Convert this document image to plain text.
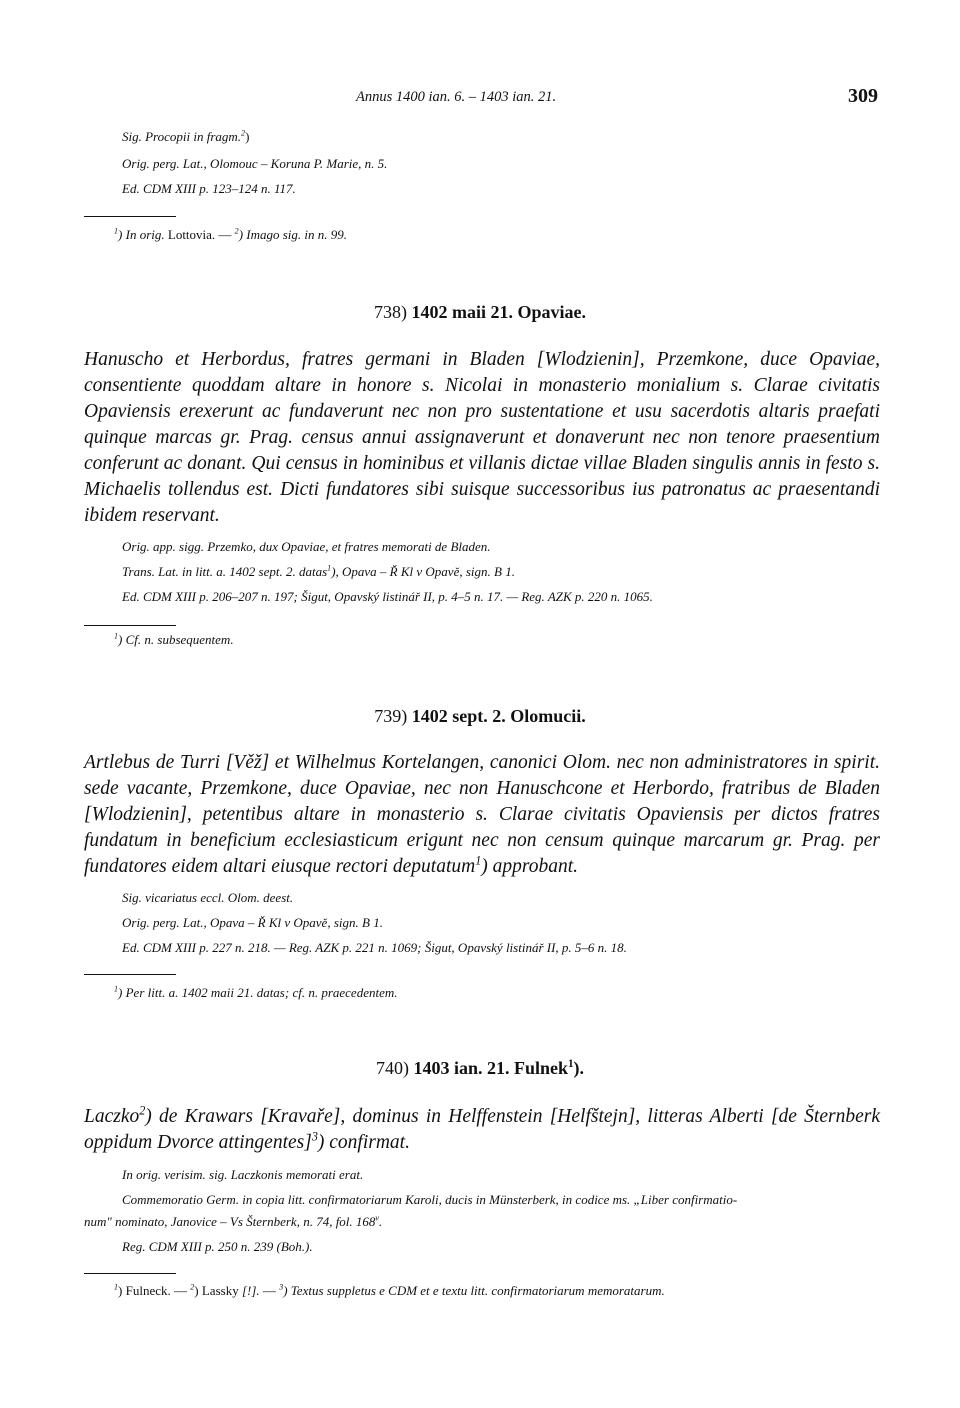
Annus 1400 ian. 6. – 1403 ian. 21.	309
Sig. Procopii in fragm.$^2$)
Orig. perg. Lat., Olomouc – Koruna P. Marie, n. 5.
Ed. CDM XIII p. 123–124 n. 117.
$^1$) In orig. Lottovia. — $^2$) Imago sig. in n. 99.
738) 1402 maii 21. Opaviae.

Hanuscho et Herbordus, fratres germani in Bladen [Wlodzienin], Przemkone, duce Opaviae, consentiente quoddam altare in honore s. Nicolai in monasterio monialium s. Clarae civitatis Opaviensis erexerunt ac fundaverunt nec non pro sustentatione et usu sacerdotis altaris praefati quinque marcas gr. Prag. census annui assignaverunt et donaverunt nec non tenore praesentium conferunt ac donant. Qui census in hominibus et villanis dictae villae Bladen singulis annis in festo s. Michaelis tollendus est. Dicti fundatores sibi suisque successoribus ius patronatus ac praesentandi ibidem reservant.

Orig. app. sigg. Przemko, dux Opaviae, et fratres memorati de Bladen.
Trans. Lat. in litt. a. 1402 sept. 2. datas$^1$), Opava – Ř Kl v Opavě, sign. B 1.
Ed. CDM XIII p. 206–207 n. 197; Šigut, Opavský listinář II, p. 4–5 n. 17. — Reg. AZK p. 220 n. 1065.
$^1$) Cf. n. subsequentem.
739) 1402 sept. 2. Olomucii.

Artlebus de Turri [Věž] et Wilhelmus Kortelangen, canonici Olom. nec non administratores in spirit. sede vacante, Przemkone, duce Opaviae, nec non Hanuschcone et Herbordo, fratribus de Bladen [Wlodzienin], petentibus altare in monasterio s. Clarae civitatis Opaviensis per dictos fratres fundatum in beneficium ecclesiasticum erigunt nec non censum quinque marcarum gr. Prag. per fundatores eidem altari eiusque rectori deputatum$^1$) approbant.

Sig. vicariatus eccl. Olom. deest.
Orig. perg. Lat., Opava – Ř Kl v Opavě, sign. B 1.
Ed. CDM XIII p. 227 n. 218. — Reg. AZK p. 221 n. 1069; Šigut, Opavský listinář II, p. 5–6 n. 18.
$^1$) Per litt. a. 1402 maii 21. datas; cf. n. praecedentem.
740) 1403 ian. 21. Fulnek$^1$).

Laczko$^2$) de Krawars [Kravaře], dominus in Helffenstein [Helfštejn], litteras Alberti [de Šternberk oppidum Dvorce attingentes]$^3$) confirmat.

In orig. verisim. sig. Laczkonis memorati erat.
Commemoratio Germ. in copia litt. confirmatoriarum Karoli, ducis in Münsterberk, in codice ms. „Liber confirmatio-
num" nominato, Janovice – Vs Šternberk, n. 74, fol. 168$^v$.
Reg. CDM XIII p. 250 n. 239 (Boh.).
$^1$) Fulneck. — $^2$) Lassky [!]. — $^3$) Textus suppletus e CDM et e textu litt. confirmatoriarum memoratarum.
